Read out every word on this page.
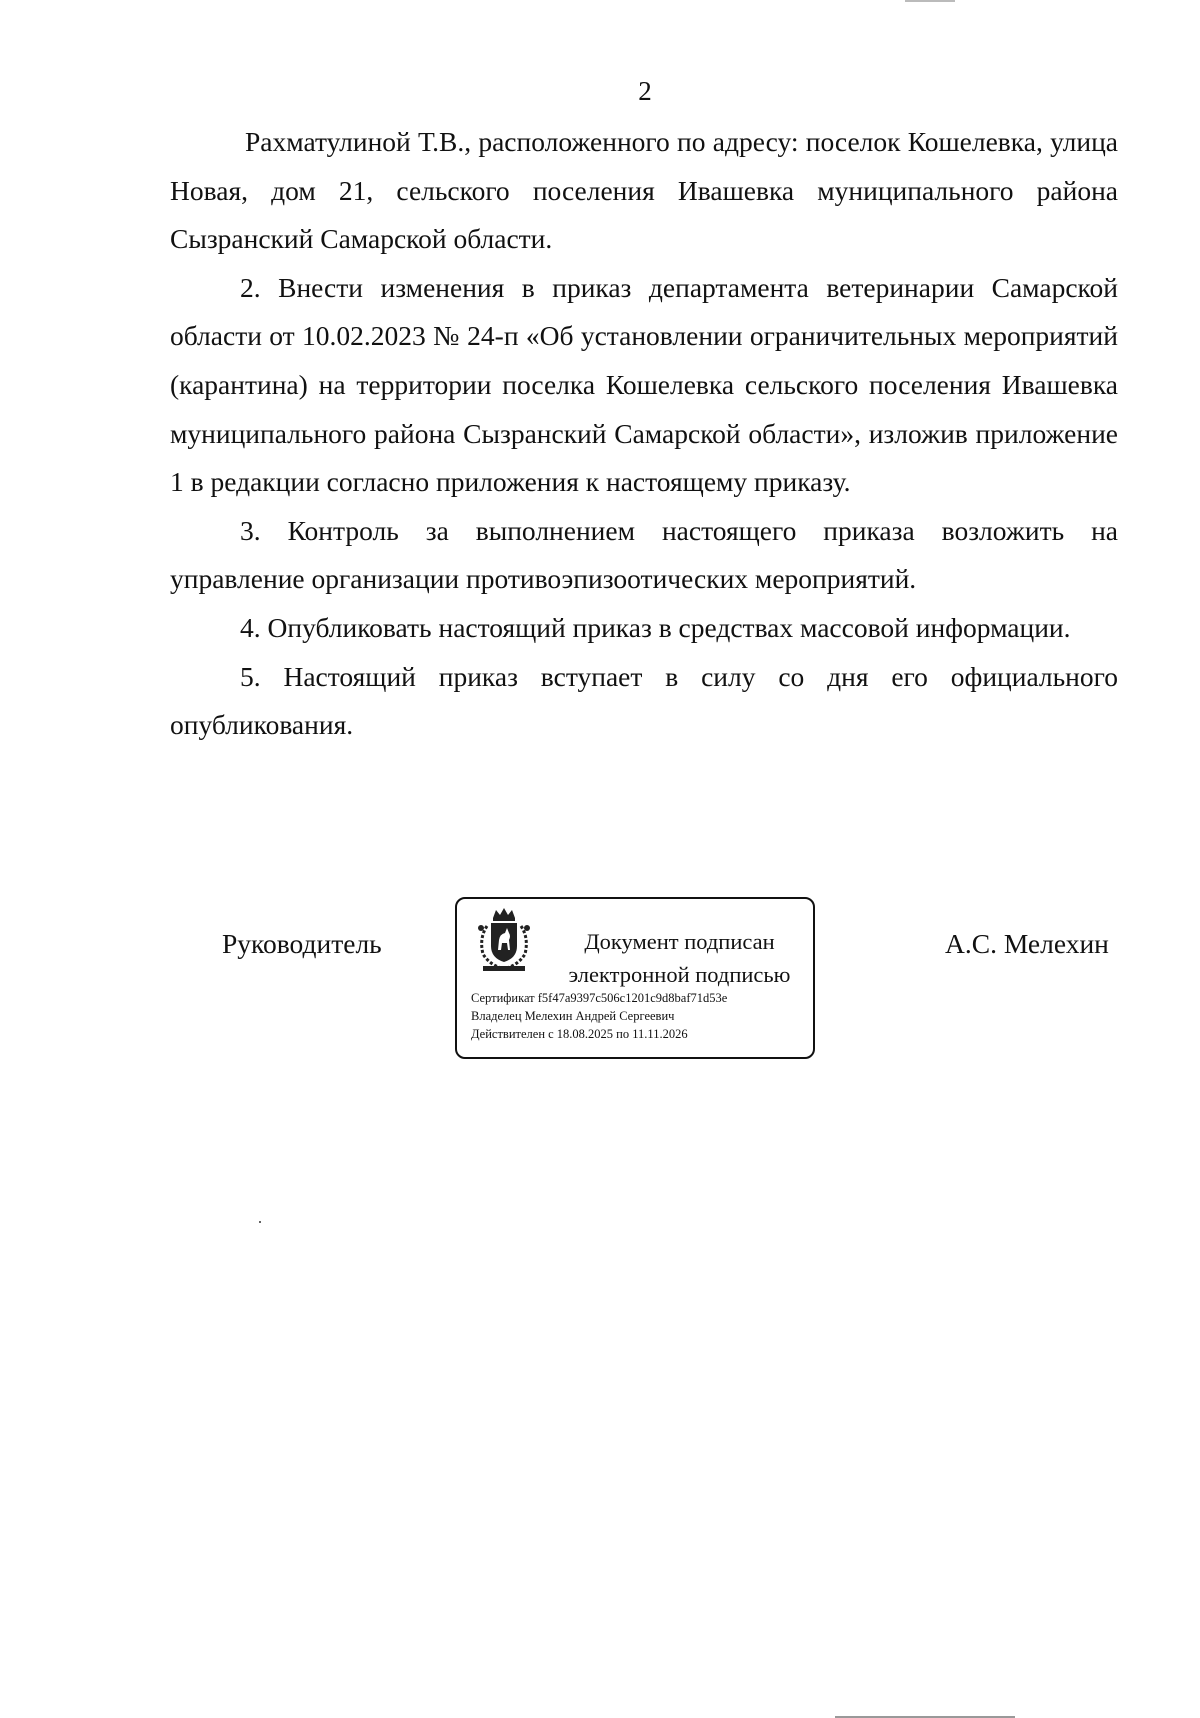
2

Рахматулиной Т.В., расположенного по адресу: поселок Кошелевка, улица Новая, дом 21, сельского поселения Ивашевка муниципального района Сызранский Самарской области.

2. Внести изменения в приказ департамента ветеринарии Самарской области от 10.02.2023 № 24-п «Об установлении ограничительных мероприятий (карантина) на территории поселка Кошелевка сельского поселения Ивашевка муниципального района Сызранский Самарской области», изложив приложение 1 в редакции согласно приложения к настоящему приказу.

3. Контроль за выполнением настоящего приказа возложить на управление организации противоэпизоотических мероприятий.

4. Опубликовать настоящий приказ в средствах массовой информации.

5. Настоящий приказ вступает в силу со дня его официального опубликования.

Руководитель	Документ подписан
электронной подписью
Сертификат f5f47a9397c506c1201c9d8baf71d53e
Владелец Мелехин Андрей Сергеевич
Действителен с 18.08.2025 по 11.11.2026
А.С. Мелехин
